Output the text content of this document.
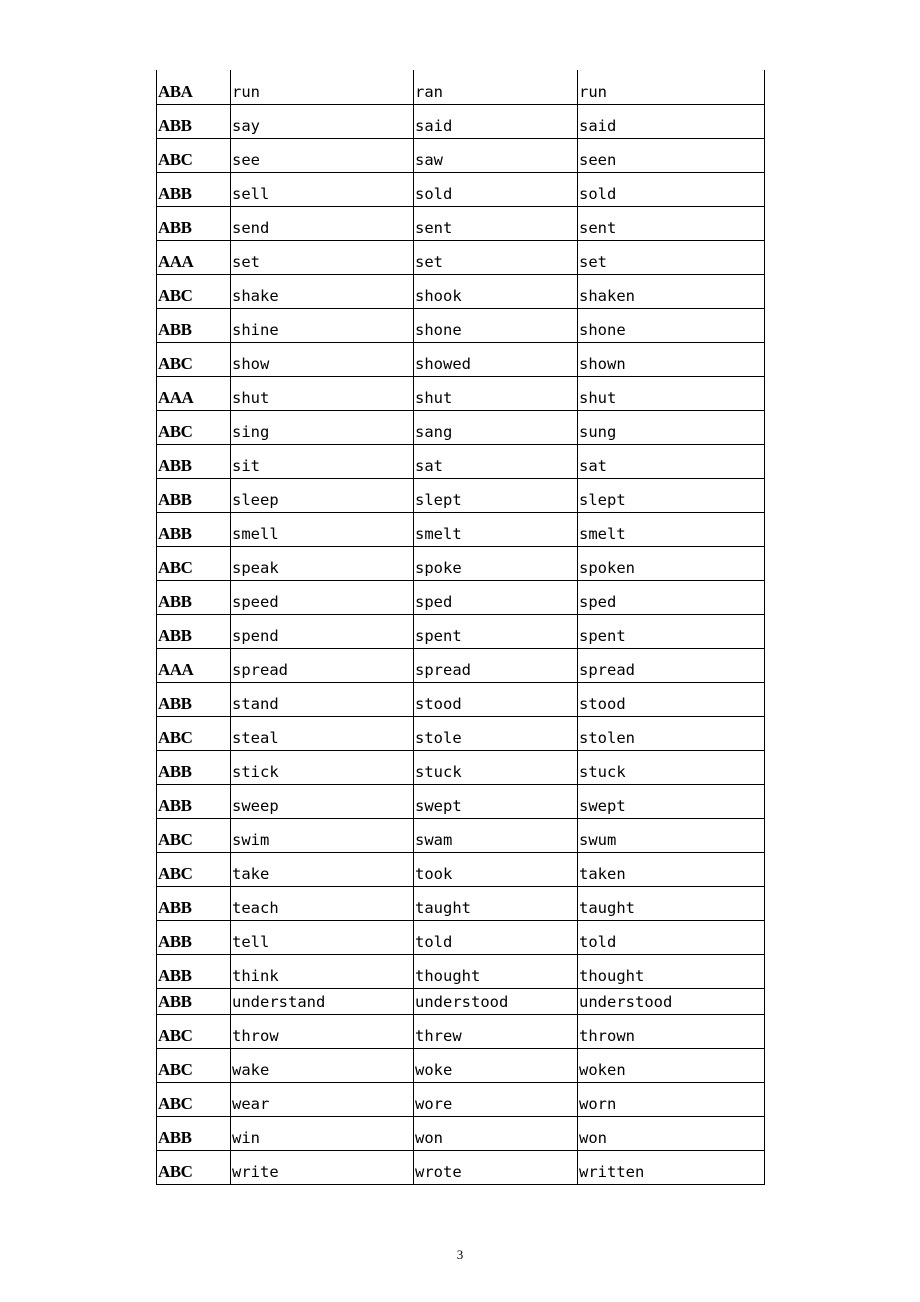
ABA	run	ran	run
ABB	say	said	said
ABC	see	saw	seen
ABB	sell	sold	sold
ABB	send	sent	sent
AAA	set	set	set
ABC	shake	shook	shaken
ABB	shine	shone	shone
ABC	show	showed	shown
AAA	shut	shut	shut
ABC	sing	sang	sung
ABB	sit	sat	sat
ABB	sleep	slept	slept
ABB	smell	smelt	smelt
ABC	speak	spoke	spoken
ABB	speed	sped	sped
ABB	spend	spent	spent
AAA	spread	spread	spread
ABB	stand	stood	stood
ABC	steal	stole	stolen
ABB	stick	stuck	stuck
ABB	sweep	swept	swept
ABC	swim	swam	swum
ABC	take	took	taken
ABB	teach	taught	taught
ABB	tell	told	told
ABB	think	thought	thought
ABB	understand	understood	understood
ABC	throw	threw	thrown
ABC	wake	woke	woken
ABC	wear	wore	worn
ABB	win	won	won
ABC	write	wrote	written
3
